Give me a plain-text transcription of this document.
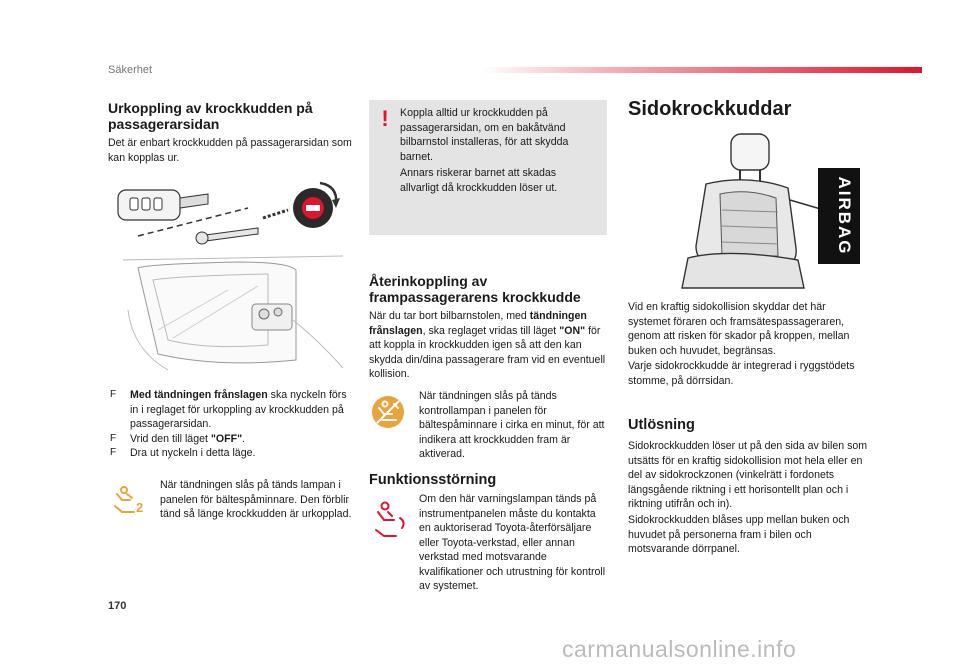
Säkerhet
Urkoppling av krockkudden på passagerarsidan

Det är enbart krockkudden på passagerarsidan som kan kopplas ur.

F Med tändningen frånslagen ska nyckeln förs in i reglaget för urkoppling av krockkudden på passagerarsidan.
F Vrid den till läget "OFF".
F Dra ut nyckeln i detta läge.
2

När tändningen slås på tänds lampan i panelen för bältespåminnare. Den förblir tänd så länge krockkudden är urkopplad.

! Koppla alltid ur krockkudden på passagerarsidan, om en bakåtvänd bilbarnstol installeras, för att skydda barnet.

Annars riskerar barnet att skadas allvarligt då krockkudden löser ut.

Återinkoppling av frampassagerarens krockkudde

När du tar bort bilbarnstolen, med tändningen frånslagen, ska reglaget vridas till läget "ON" för att koppla in krockkudden igen så att den kan skydda din/dina passagerare fram vid en eventuell kollision.

När tändningen slås på tänds kontrollampan i panelen för bältespåminnare i cirka en minut, för att indikera att krockkudden fram är aktiverad.

Funktionsstörning

Om den här varningslampan tänds på instrumentpanelen måste du kontakta en auktoriserad Toyota-återförsäljare eller Toyota-verkstad, eller annan verkstad med motsvarande kvalifikationer och utrustning för kontroll av systemet.

Sidokrockkuddar
AIRBAG

Vid en kraftig sidokollision skyddar det här systemet föraren och framsätespassageraren, genom att risken för skador på kroppen, mellan buken och huvudet, begränsas.

Varje sidokrockkudde är integrerad i ryggstödets stomme, på dörrsidan.

Utlösning

Sidokrockkudden löser ut på den sida av bilen som utsätts för en kraftig sidokollision mot hela eller en del av sidokrockzonen (vinkelrätt i fordonets längsgående riktning i ett horisontellt plan och i riktning utifrån och in).

Sidokrockkudden blåses upp mellan buken och huvudet på personerna fram i bilen och motsvarande dörrpanel.

170
carmanualsonline.info
